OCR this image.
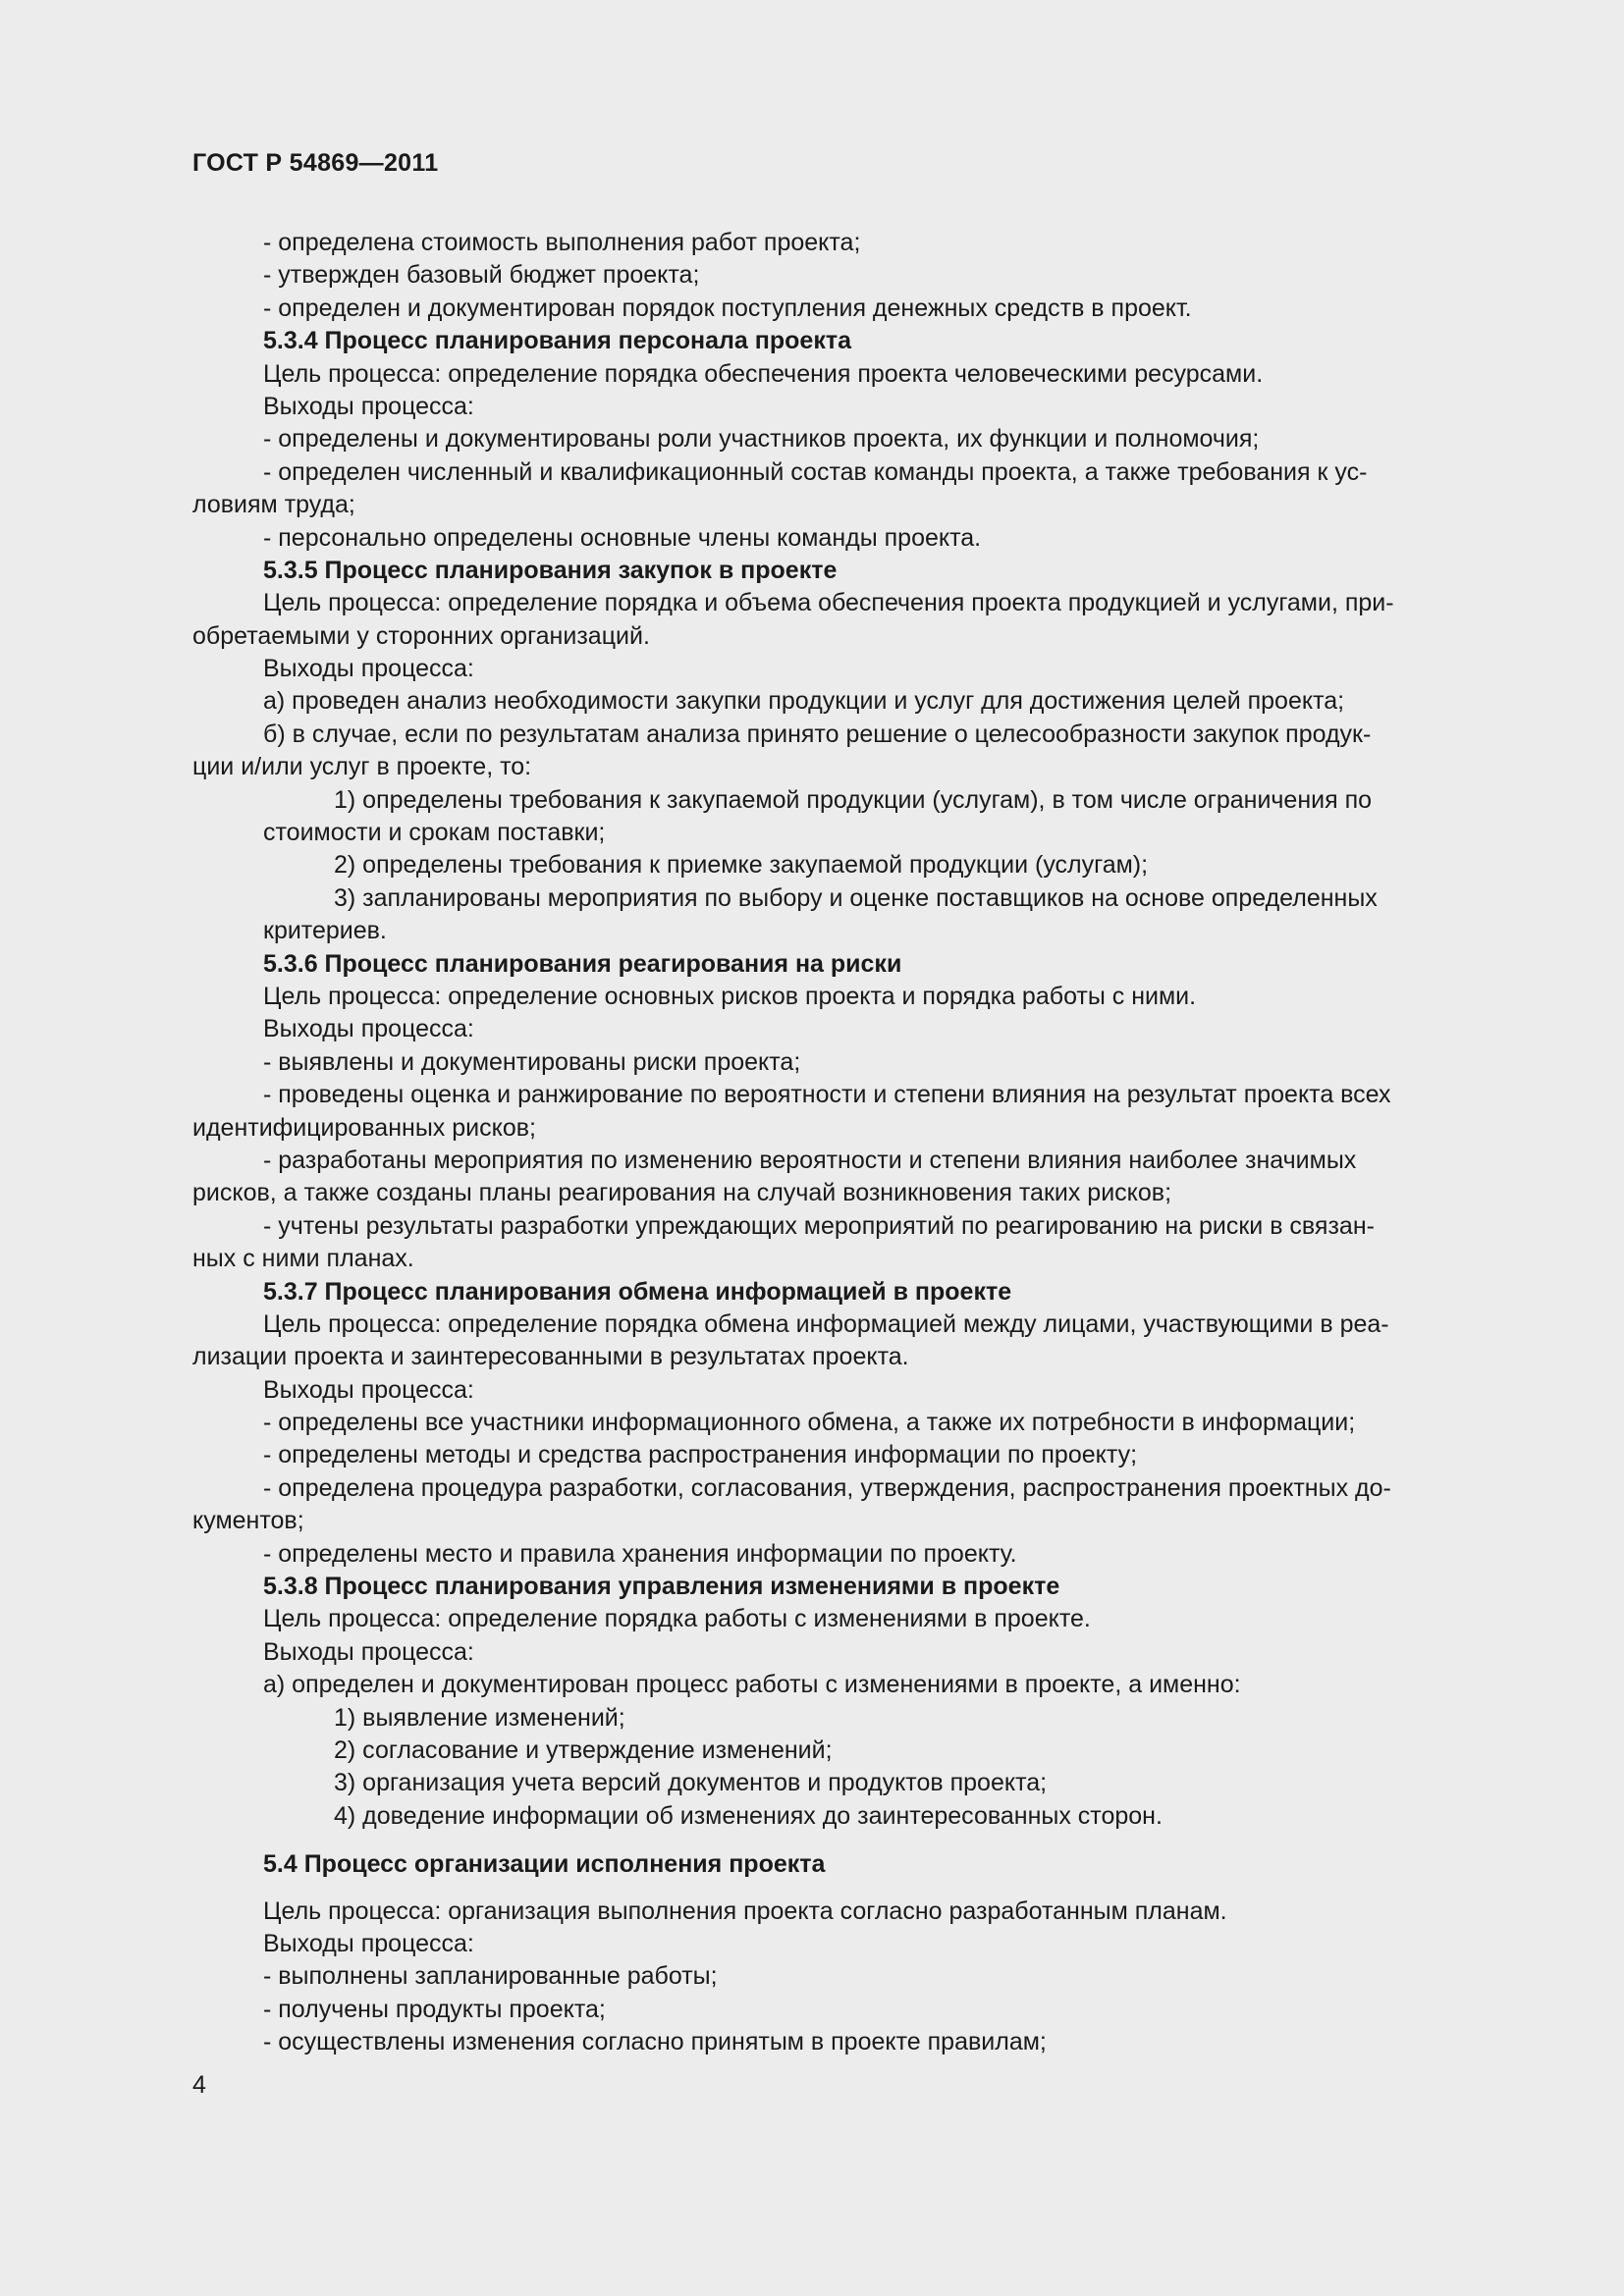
ГОСТ Р 54869—2011
- определена стоимость выполнения работ проекта;
- утвержден базовый бюджет проекта;
- определен и документирован порядок поступления денежных средств в проект.
5.3.4 Процесс планирования персонала проекта
Цель процесса: определение порядка обеспечения проекта человеческими ресурсами.
Выходы процесса:
- определены и документированы роли участников проекта, их функции и полномочия;
- определен численный и квалификационный состав команды проекта, а также требования к ус-
ловиям труда;
- персонально определены основные члены команды проекта.
5.3.5 Процесс планирования закупок в проекте
Цель процесса: определение порядка и объема обеспечения проекта продукцией и услугами, при-
обретаемыми у сторонних организаций.
Выходы процесса:
а) проведен анализ необходимости закупки продукции и услуг для достижения целей проекта;
б) в случае, если по результатам анализа принято решение о целесообразности закупок продук-
ции и/или услуг в проекте, то:
1) определены требования к закупаемой продукции (услугам), в том числе ограничения по
стоимости и срокам поставки;
2) определены требования к приемке закупаемой продукции (услугам);
3) запланированы мероприятия по выбору и оценке поставщиков на основе определенных
критериев.
5.3.6 Процесс планирования реагирования на риски
Цель процесса: определение основных рисков проекта и порядка работы с ними.
Выходы процесса:
- выявлены и документированы риски проекта;
- проведены оценка и ранжирование по вероятности и степени влияния на результат проекта всех
идентифицированных рисков;
- разработаны мероприятия по изменению вероятности и степени влияния наиболее значимых
рисков, а также созданы планы реагирования на случай возникновения таких рисков;
- учтены результаты разработки упреждающих мероприятий по реагированию на риски в связан-
ных с ними планах.
5.3.7 Процесс планирования обмена информацией в проекте
Цель процесса: определение порядка обмена информацией между лицами, участвующими в реа-
лизации проекта и заинтересованными в результатах проекта.
Выходы процесса:
- определены все участники информационного обмена, а также их потребности в информации;
- определены методы и средства распространения информации по проекту;
- определена процедура разработки, согласования, утверждения, распространения проектных до-
кументов;
- определены место и правила хранения информации по проекту.
5.3.8 Процесс планирования управления изменениями в проекте
Цель процесса: определение порядка работы с изменениями в проекте.
Выходы процесса:
а) определен и документирован процесс работы с изменениями в проекте, а именно:
1) выявление изменений;
2) согласование и утверждение изменений;
3) организация учета версий документов и продуктов проекта;
4) доведение информации об изменениях до заинтересованных сторон.
5.4 Процесс организации исполнения проекта
Цель процесса: организация выполнения проекта согласно разработанным планам.
Выходы процесса:
- выполнены запланированные работы;
- получены продукты проекта;
- осуществлены изменения согласно принятым в проекте правилам;
4
